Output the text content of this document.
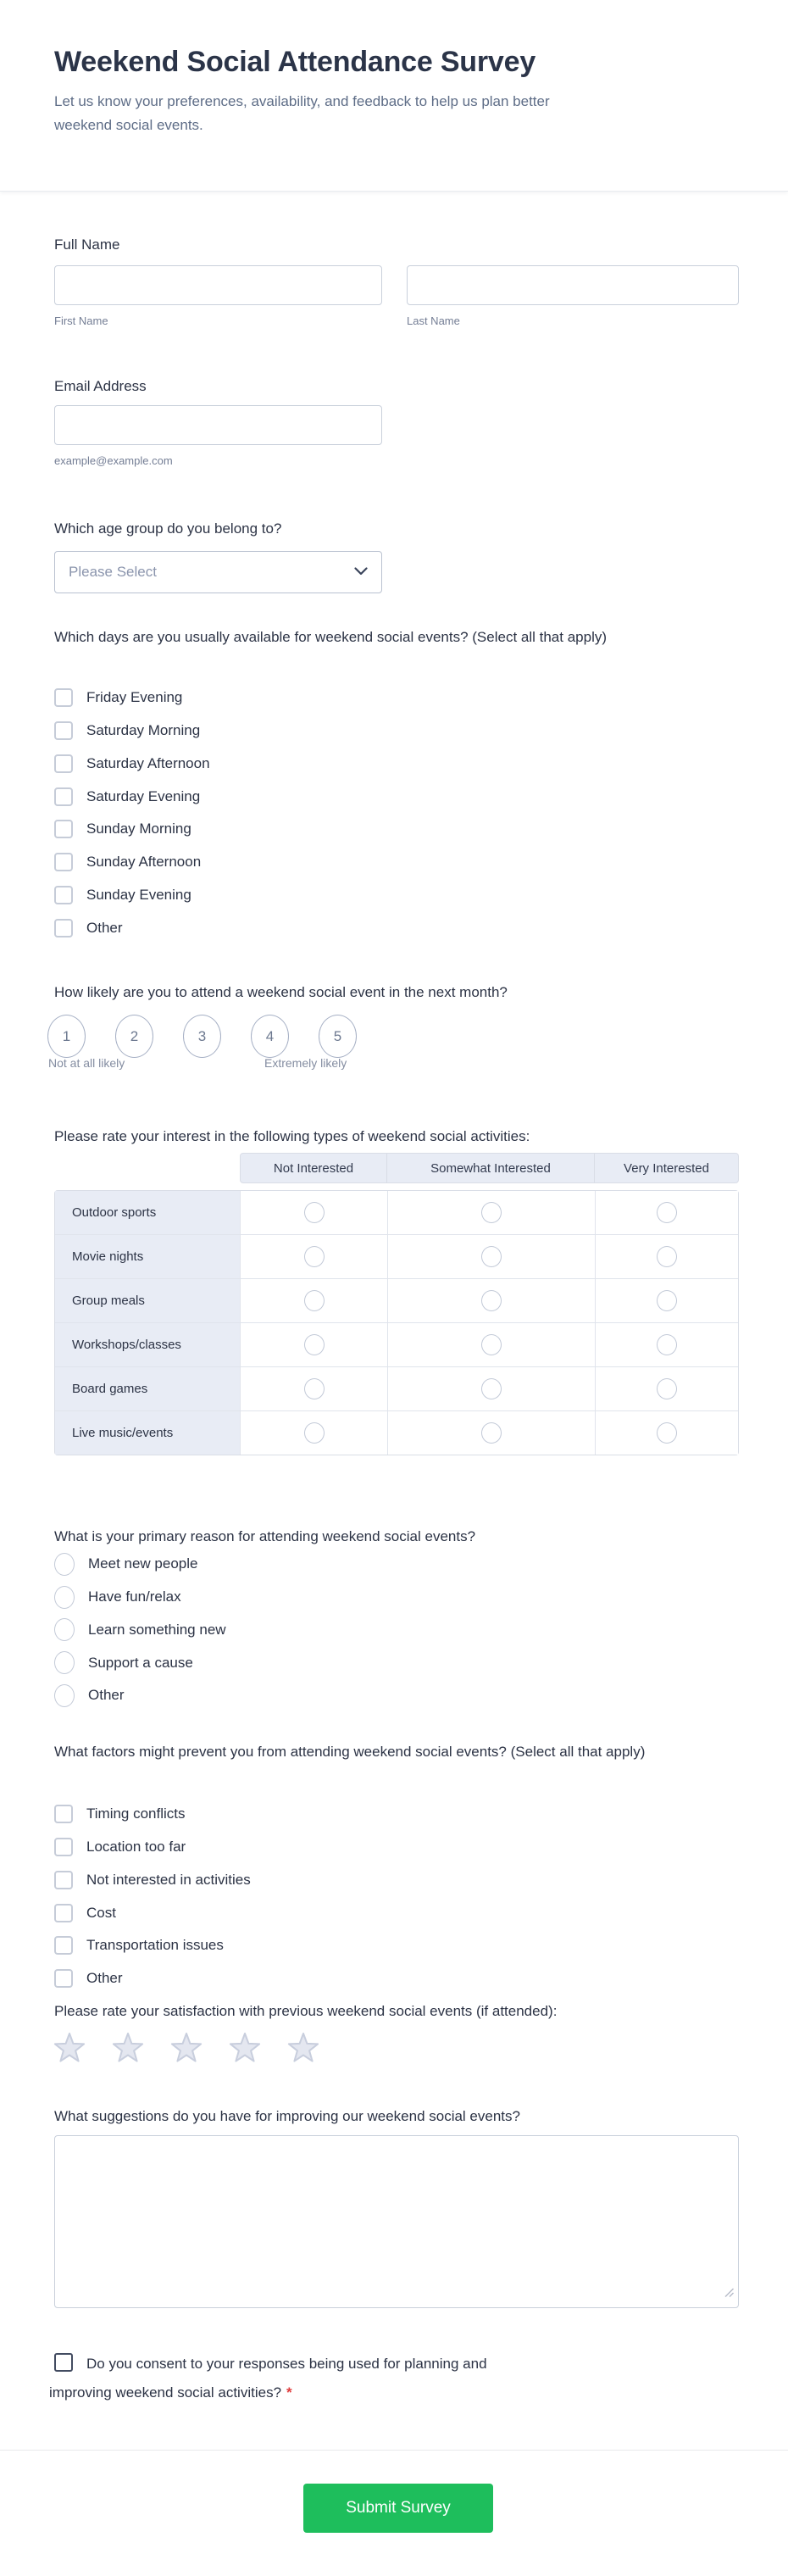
Weekend Social Attendance Survey
Let us know your preferences, availability, and feedback to help us plan better weekend social events.
Full Name
First Name	Last Name
Email Address
example@example.com
Which age group do you belong to?
Please Select
Which days are you usually available for weekend social events? (Select all that apply)
Friday Evening
Saturday Morning
Saturday Afternoon
Saturday Evening
Sunday Morning
Sunday Afternoon
Sunday Evening
Other
How likely are you to attend a weekend social event in the next month?
1	2	3	4	5
Not at all likely	Extremely likely
Please rate your interest in the following types of weekend social activities:
Not Interested	Somewhat Interested	Very Interested
Outdoor sports
Movie nights
Group meals
Workshops/classes
Board games
Live music/events
What is your primary reason for attending weekend social events?
Meet new people
Have fun/relax
Learn something new
Support a cause
Other
What factors might prevent you from attending weekend social events? (Select all that apply)
Timing conflicts
Location too far
Not interested in activities
Cost
Transportation issues
Other
Please rate your satisfaction with previous weekend social events (if attended):
What suggestions do you have for improving our weekend social events?
Do you consent to your responses being used for planning and improving weekend social activities? *
Submit Survey
